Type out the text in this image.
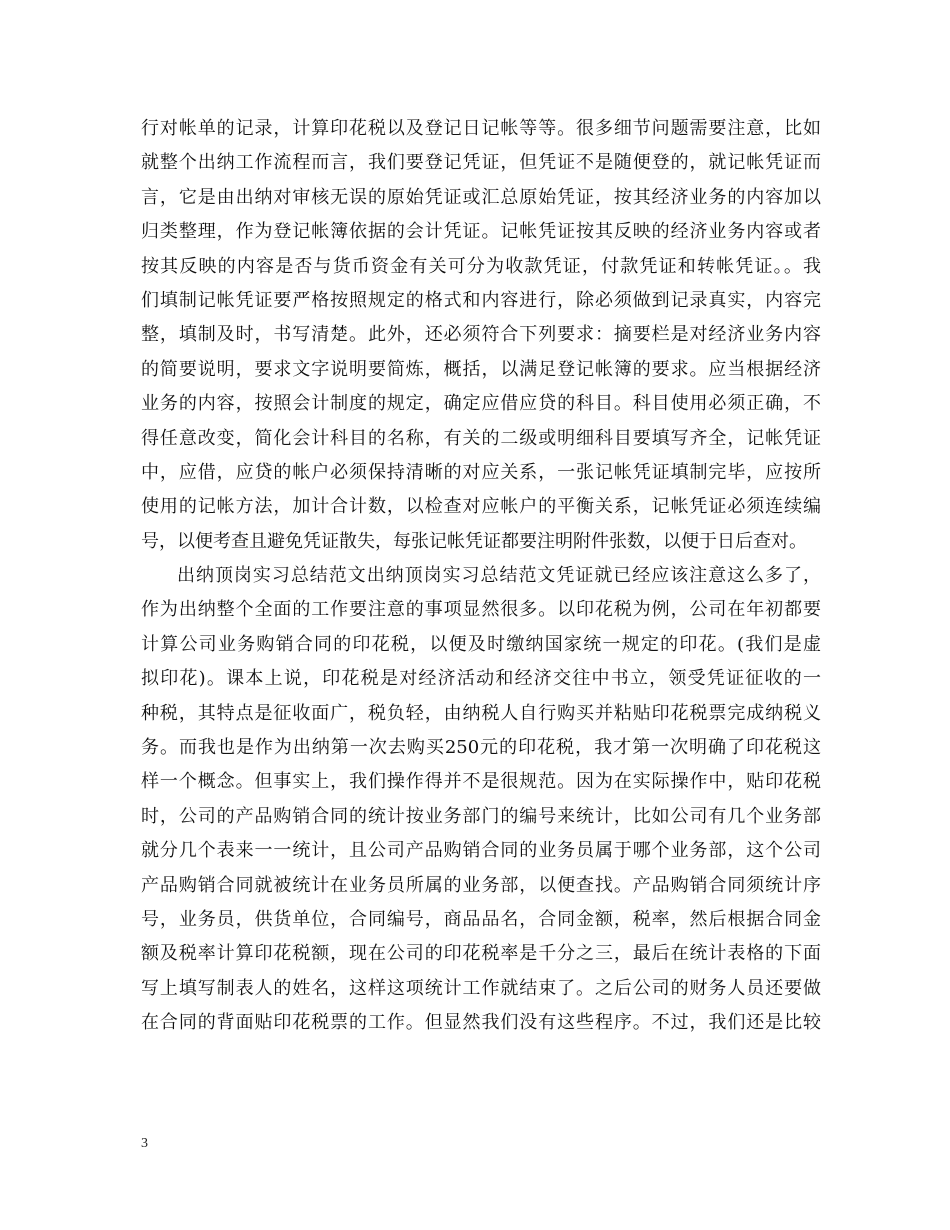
行对帐单的记录，计算印花税以及登记日记帐等等。很多细节问题需要注意，比如
就整个出纳工作流程而言，我们要登记凭证，但凭证不是随便登的，就记帐凭证而
言，它是由出纳对审核无误的原始凭证或汇总原始凭证，按其经济业务的内容加以
归类整理，作为登记帐簿依据的会计凭证。记帐凭证按其反映的经济业务内容或者
按其反映的内容是否与货币资金有关可分为收款凭证，付款凭证和转帐凭证。。我
们填制记帐凭证要严格按照规定的格式和内容进行，除必须做到记录真实，内容完
整，填制及时，书写清楚。此外，还必须符合下列要求：摘要栏是对经济业务内容
的简要说明，要求文字说明要简炼，概括，以满足登记帐簿的要求。应当根据经济
业务的内容，按照会计制度的规定，确定应借应贷的科目。科目使用必须正确，不
得任意改变，简化会计科目的名称，有关的二级或明细科目要填写齐全，记帐凭证
中，应借，应贷的帐户必须保持清晰的对应关系，一张记帐凭证填制完毕，应按所
使用的记帐方法，加计合计数，以检查对应帐户的平衡关系，记帐凭证必须连续编
号，以便考查且避免凭证散失，每张记帐凭证都要注明附件张数，以便于日后查对。
出纳顶岗实习总结范文出纳顶岗实习总结范文凭证就已经应该注意这么多了，
作为出纳整个全面的工作要注意的事项显然很多。以印花税为例，公司在年初都要
计算公司业务购销合同的印花税，以便及时缴纳国家统一规定的印花。(我们是虚
拟印花)。课本上说，印花税是对经济活动和经济交往中书立，领受凭证征收的一
种税，其特点是征收面广，税负轻，由纳税人自行购买并粘贴印花税票完成纳税义
务。而我也是作为出纳第一次去购买250元的印花税，我才第一次明确了印花税这
样一个概念。但事实上，我们操作得并不是很规范。因为在实际操作中，贴印花税
时，公司的产品购销合同的统计按业务部门的编号来统计，比如公司有几个业务部
就分几个表来一一统计，且公司产品购销合同的业务员属于哪个业务部，这个公司
产品购销合同就被统计在业务员所属的业务部，以便查找。产品购销合同须统计序
号，业务员，供货单位，合同编号，商品品名，合同金额，税率，然后根据合同金
额及税率计算印花税额，现在公司的印花税率是千分之三，最后在统计表格的下面
写上填写制表人的姓名，这样这项统计工作就结束了。之后公司的财务人员还要做
在合同的背面贴印花税票的工作。但显然我们没有这些程序。不过，我们还是比较
3
